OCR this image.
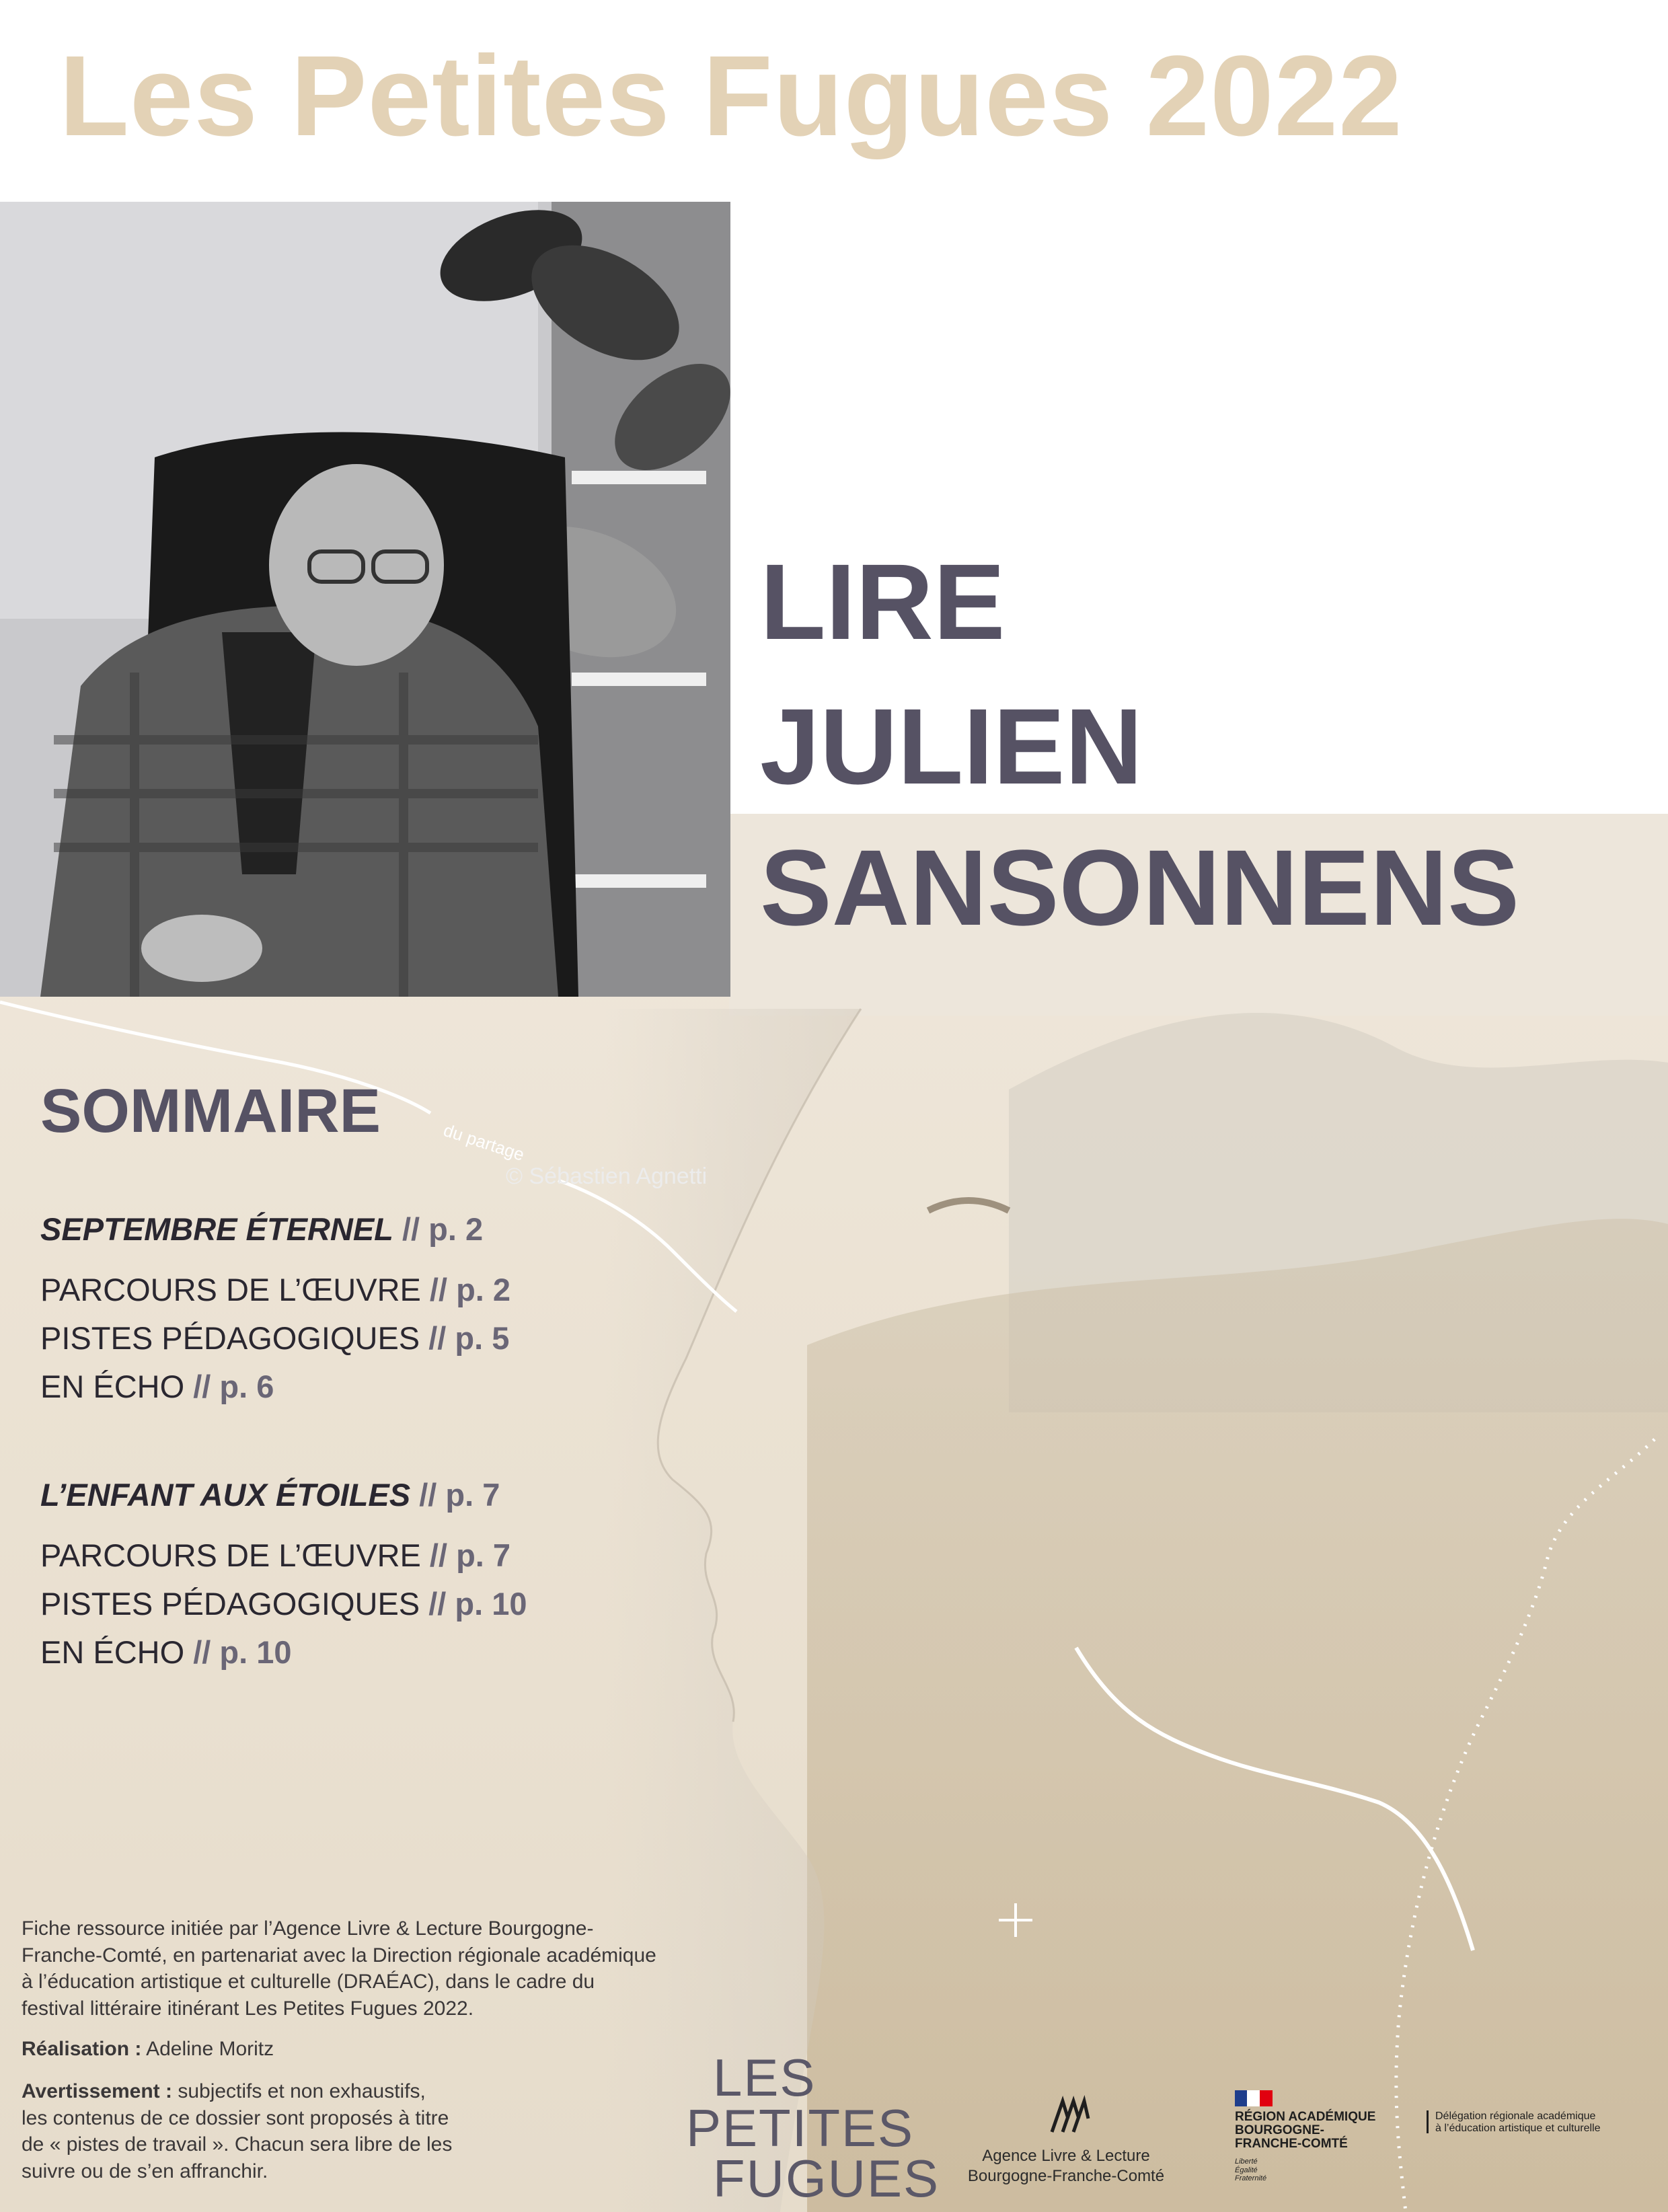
Les Petites Fugues 2022
© Sébastien Agnetti
LIRE
JULIEN
SANSONNENS
SOMMAIRE	du partage
SEPTEMBRE ÉTERNEL // p. 2
PARCOURS DE L’ŒUVRE // p. 2
PISTES PÉDAGOGIQUES // p. 5
EN ÉCHO // p. 6
L’ENFANT AUX ÉTOILES // p. 7
PARCOURS DE L’ŒUVRE // p. 7
PISTES PÉDAGOGIQUES // p. 10
EN ÉCHO // p. 10
Fiche ressource initiée par l’Agence Livre & Lecture Bourgogne-
Franche-Comté, en partenariat avec la Direction régionale académique
à l’éducation artistique et culturelle (DRAÉAC), dans le cadre du
festival littéraire itinérant Les Petites Fugues 2022.
Réalisation : Adeline Moritz
Avertissement : subjectifs et non exhaustifs,
les contenus de ce dossier sont proposés à titre
de « pistes de travail ». Chacun sera libre de les
suivre ou de s’en affranchir.
LES
PETITES
FUGUES	Agence Livre & Lecture
Bourgogne-Franche-Comté
RÉGION ACADÉMIQUE
BOURGOGNE-
FRANCHE-COMTÉ
Liberté
Égalité
Fraternité
Délégation régionale académique
à l’éducation artistique et culturelle
